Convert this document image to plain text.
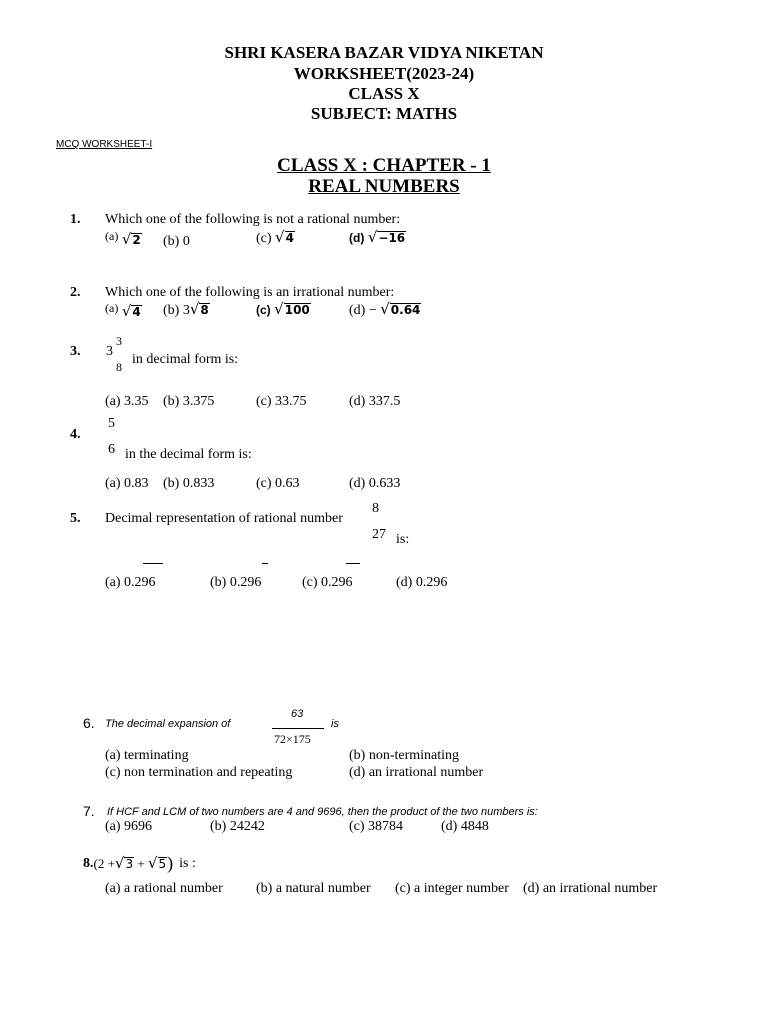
SHRI KASERA BAZAR VIDYA NIKETAN
WORKSHEET(2023-24)
CLASS X
SUBJECT: MATHS
MCQ WORKSHEET-I
CLASS X : CHAPTER - 1
REAL NUMBERS
1. Which one of the following is not a rational number:
(a) √ 2 (b) 0	(c) √ 4	(d) √ −16
2. Which one of the following is an irrational number:
(a) √ 4 (b) 3 √ 8	(c) √ 100	(d) − √ 0.64
3. 3
3
8 in decimal form is:
(a) 3.35 (b) 3.375	(c) 33.75	(d) 337.5
4.
5
6 in the decimal form is:
(a) 0.83 (b) 0.833	(c) 0.63	(d) 0.633
5. Decimal representation of rational number
8
27 is:
(a) 0.296	(b) 0.296	(c) 0.296	(d) 0.296
6. The decimal expansion of
63
72×175
is
(a) terminating	(b) non-terminating
(c) non termination and repeating	(d) an irrational number
7. If HCF and LCM of two numbers are 4 and 9696, then the product of the two numbers is:
(a) 9696	(b) 24242	(c) 38784	(d) 4848
8. (2 + √ 3 + √ 5 ) is :
(a) a rational number (b) a natural number (c) a integer number (d) an irrational number
